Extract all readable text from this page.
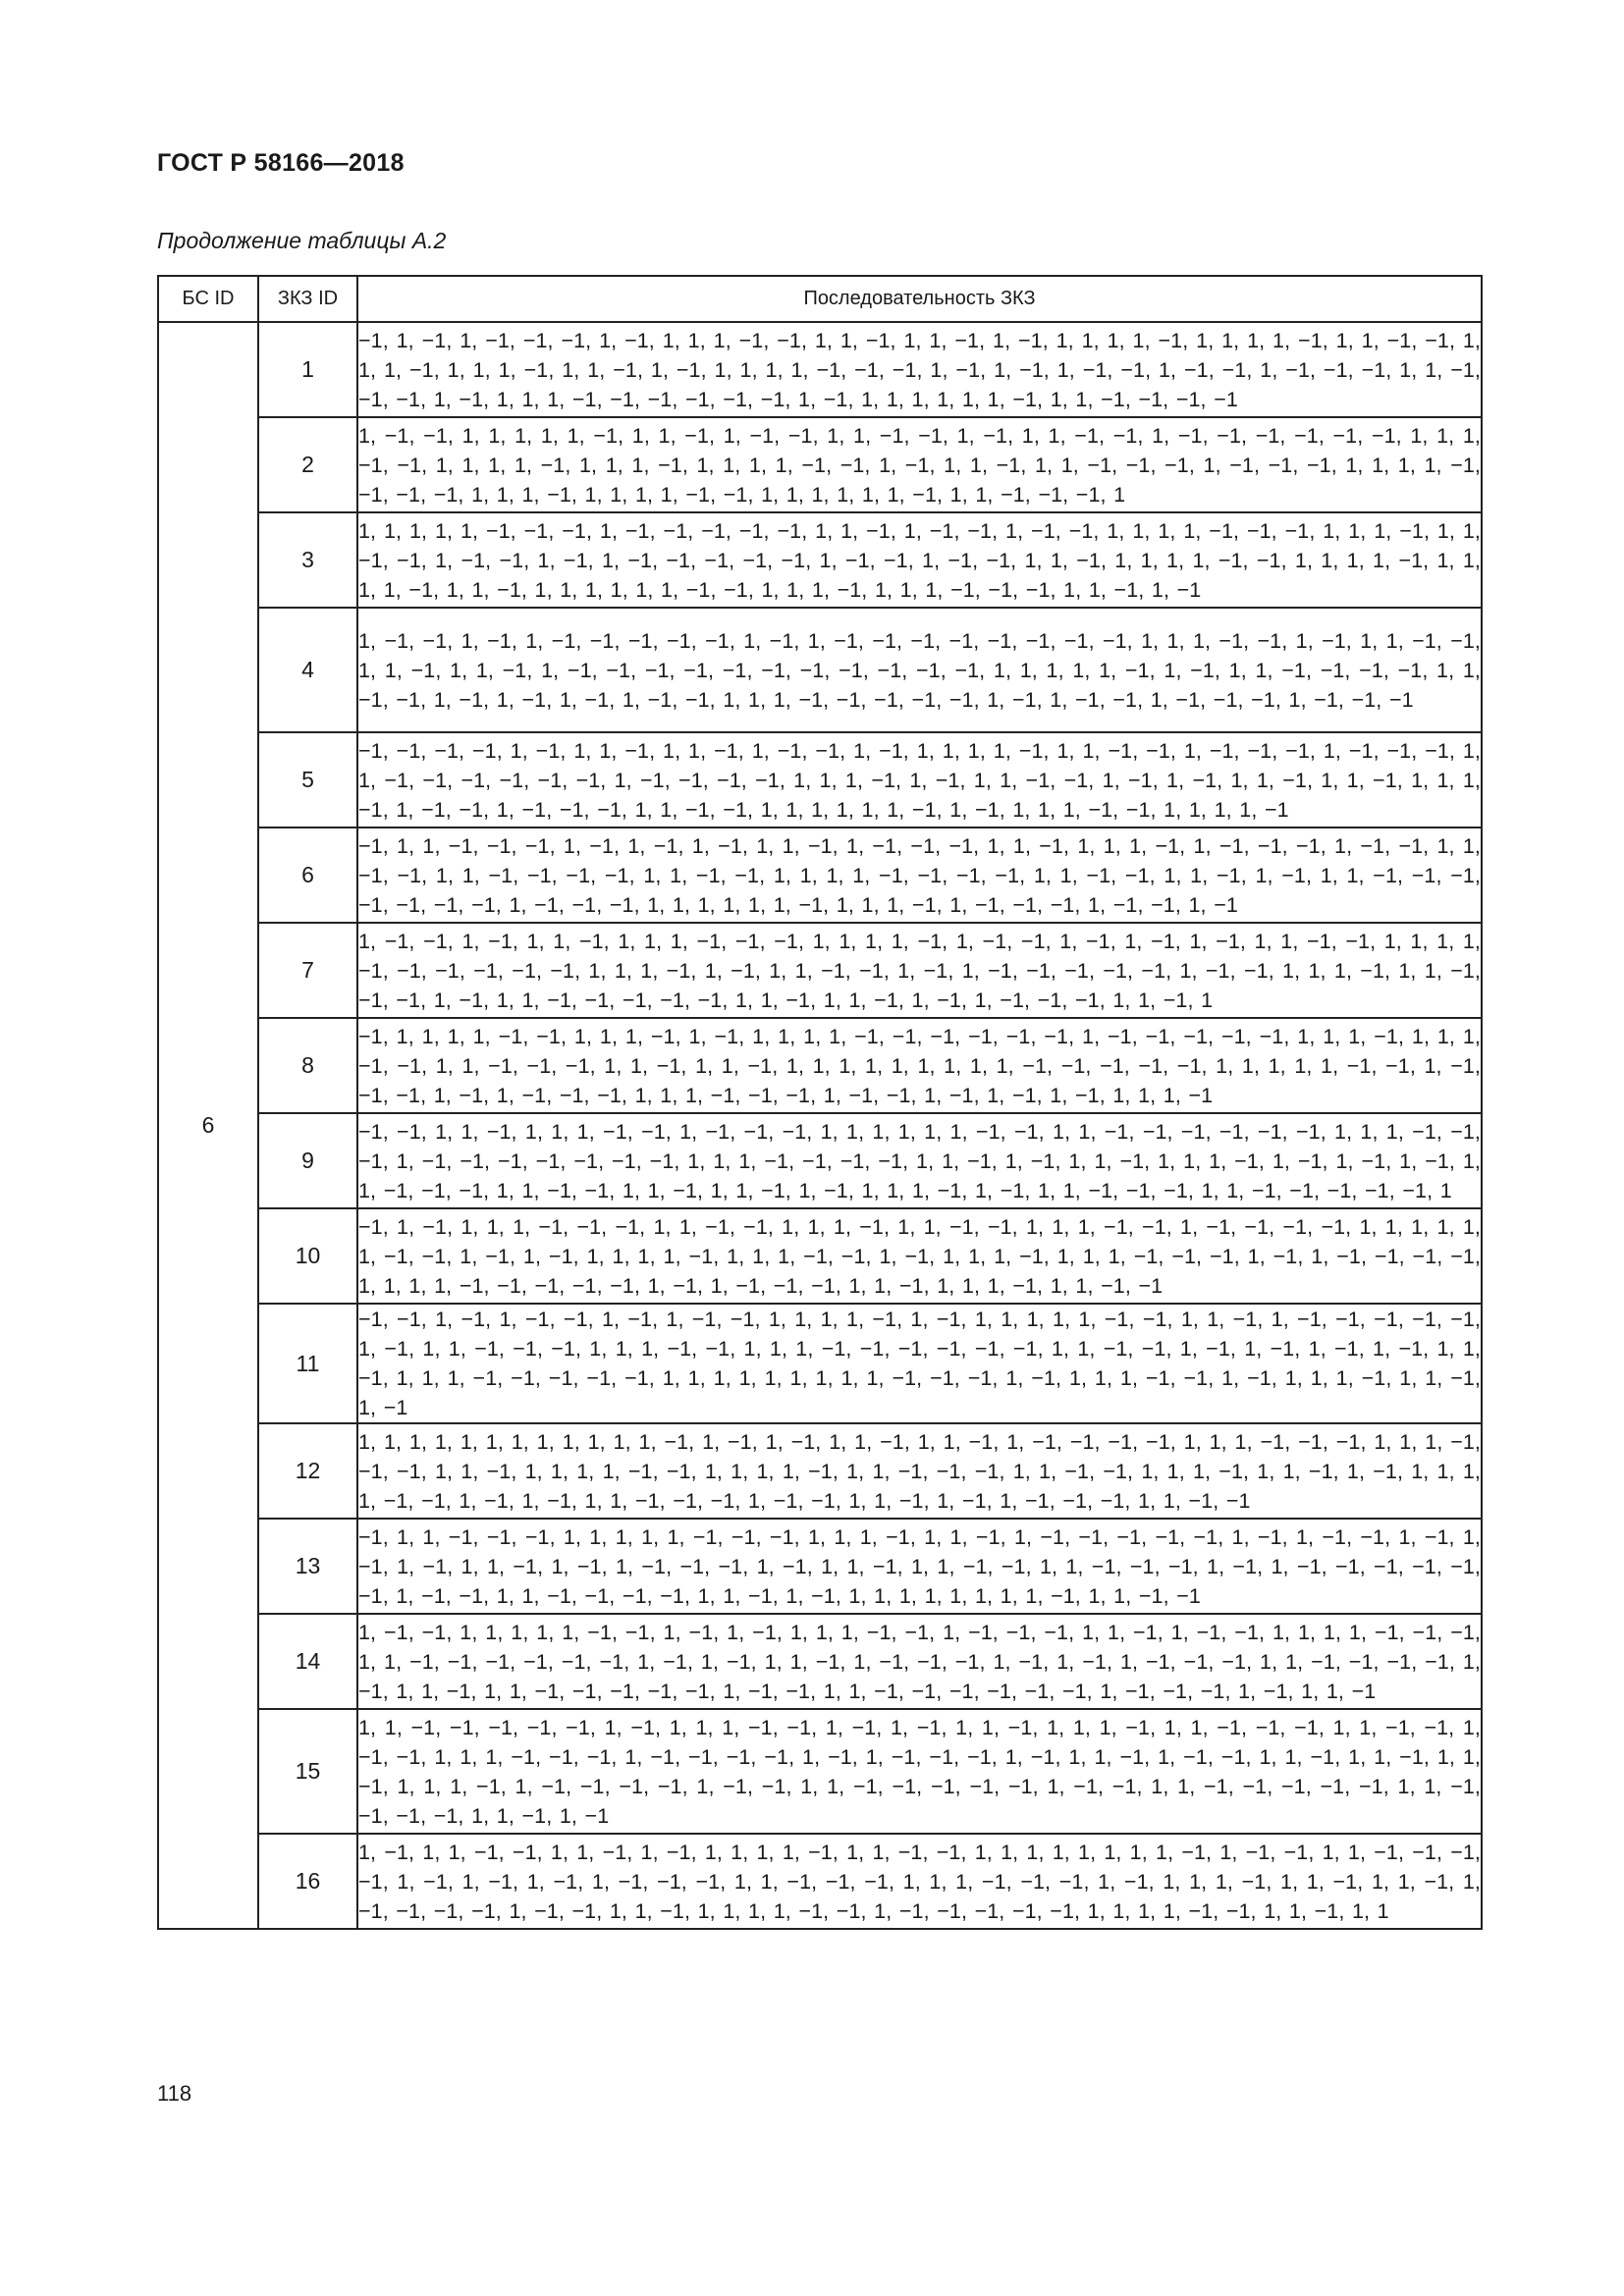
ГОСТ Р 58166—2018
Продолжение таблицы А.2
БС ID	ЗКЗ ID	Последовательность ЗКЗ
6	1	−1, 1, −1, 1, −1, −1, −1, 1, −1, 1, 1, 1, −1, −1, 1, 1, −1, 1, 1, −1, 1, −1, 1, 1, 1, 1, −1, 1, 1, 1, 1, −1, 1, 1, −1, −1, 1, 1, 1, −1, 1, 1, 1, −1, 1, 1, −1, 1, −1, 1, 1, 1, 1, −1, −1, −1, 1, −1, 1, −1, 1, −1, −1, 1, −1, −1, 1, −1, −1, −1, 1, 1, −1, −1, −1, 1, −1, 1, 1, 1, −1, −1, −1, −1, −1, −1, 1, −1, 1, 1, 1, 1, 1, 1, −1, 1, 1, −1, −1, −1, −1
	2	1, −1, −1, 1, 1, 1, 1, 1, −1, 1, 1, −1, 1, −1, −1, 1, 1, −1, −1, 1, −1, 1, 1, −1, −1, 1, −1, −1, −1, −1, −1, −1, 1, 1, 1, −1, −1, 1, 1, 1, 1, −1, 1, 1, 1, −1, 1, 1, 1, 1, −1, −1, 1, −1, 1, 1, −1, 1, 1, −1, −1, −1, 1, −1, −1, −1, 1, 1, 1, 1, −1, −1, −1, −1, 1, 1, 1, −1, 1, 1, 1, 1, −1, −1, 1, 1, 1, 1, 1, 1, −1, 1, 1, −1, −1, −1, 1
	3	1, 1, 1, 1, 1, −1, −1, −1, 1, −1, −1, −1, −1, −1, 1, 1, −1, 1, −1, −1, 1, −1, −1, 1, 1, 1, 1, −1, −1, −1, 1, 1, 1, −1, 1, 1, −1, −1, 1, −1, −1, 1, −1, 1, −1, −1, −1, −1, −1, 1, −1, −1, 1, −1, −1, 1, 1, −1, 1, 1, 1, 1, −1, −1, 1, 1, 1, 1, −1, 1, 1, 1, 1, −1, 1, 1, −1, 1, 1, 1, 1, 1, 1, −1, −1, 1, 1, 1, −1, 1, 1, 1, −1, −1, −1, 1, 1, −1, 1, −1
	4	1, −1, −1, 1, −1, 1, −1, −1, −1, −1, −1, 1, −1, 1, −1, −1, −1, −1, −1, −1, −1, −1, 1, 1, 1, −1, −1, 1, −1, 1, 1, −1, −1, 1, 1, −1, 1, 1, −1, 1, −1, −1, −1, −1, −1, −1, −1, −1, −1, −1, −1, 1, 1, 1, 1, 1, −1, 1, −1, 1, 1, −1, −1, −1, −1, 1, 1, −1, −1, 1, −1, 1, −1, 1, −1, 1, −1, −1, 1, 1, 1, −1, −1, −1, −1, −1, 1, −1, 1, −1, −1, 1, −1, −1, −1, 1, −1, −1, −1
	5	−1, −1, −1, −1, 1, −1, 1, 1, −1, 1, 1, −1, 1, −1, −1, 1, −1, 1, 1, 1, 1, −1, 1, 1, −1, −1, 1, −1, −1, −1, 1, −1, −1, −1, 1, 1, −1, −1, −1, −1, −1, −1, 1, −1, −1, −1, −1, 1, 1, 1, −1, 1, −1, 1, 1, −1, −1, 1, −1, 1, −1, 1, 1, −1, 1, 1, −1, 1, 1, 1, −1, 1, −1, −1, 1, −1, −1, −1, 1, 1, −1, −1, 1, 1, 1, 1, 1, 1, −1, 1, −1, 1, 1, 1, −1, −1, 1, 1, 1, 1, −1
	6	−1, 1, 1, −1, −1, −1, 1, −1, 1, −1, 1, −1, 1, 1, −1, 1, −1, −1, −1, 1, 1, −1, 1, 1, 1, −1, 1, −1, −1, −1, 1, −1, −1, 1, 1, −1, −1, 1, 1, −1, −1, −1, −1, 1, 1, −1, −1, 1, 1, 1, 1, −1, −1, −1, −1, 1, 1, −1, −1, 1, 1, −1, 1, −1, 1, 1, −1, −1, −1, −1, −1, −1, −1, 1, −1, −1, −1, 1, 1, 1, 1, 1, 1, −1, 1, 1, 1, −1, 1, −1, −1, −1, 1, −1, −1, 1, −1
	7	1, −1, −1, 1, −1, 1, 1, −1, 1, 1, 1, −1, −1, −1, 1, 1, 1, 1, −1, 1, −1, −1, 1, −1, 1, −1, 1, −1, 1, 1, −1, −1, 1, 1, 1, 1, −1, −1, −1, −1, −1, −1, 1, 1, 1, −1, 1, −1, 1, 1, −1, −1, 1, −1, 1, −1, −1, −1, −1, −1, 1, −1, −1, 1, 1, 1, −1, 1, 1, −1, −1, −1, 1, −1, 1, 1, −1, −1, −1, −1, −1, 1, 1, −1, 1, 1, −1, 1, −1, 1, −1, −1, −1, 1, 1, −1, 1
	8	−1, 1, 1, 1, 1, −1, −1, 1, 1, 1, −1, 1, −1, 1, 1, 1, 1, −1, −1, −1, −1, −1, −1, 1, −1, −1, −1, −1, −1, 1, 1, 1, −1, 1, 1, 1, −1, −1, 1, 1, −1, −1, −1, 1, 1, −1, 1, 1, −1, 1, 1, 1, 1, 1, 1, 1, 1, 1, −1, −1, −1, −1, −1, 1, 1, 1, 1, 1, −1, −1, 1, −1, −1, −1, 1, −1, 1, −1, −1, −1, 1, 1, 1, −1, −1, −1, 1, −1, −1, 1, −1, 1, −1, 1, −1, 1, 1, 1, −1
	9	−1, −1, 1, 1, −1, 1, 1, 1, −1, −1, 1, −1, −1, −1, 1, 1, 1, 1, 1, 1, −1, −1, 1, 1, −1, −1, −1, −1, −1, −1, 1, 1, 1, −1, −1, −1, 1, −1, −1, −1, −1, −1, −1, −1, 1, 1, 1, −1, −1, −1, −1, 1, 1, −1, 1, −1, 1, 1, −1, 1, 1, 1, −1, 1, −1, 1, −1, 1, −1, 1, 1, −1, −1, −1, 1, 1, −1, −1, 1, 1, −1, 1, 1, −1, 1, −1, 1, 1, 1, −1, 1, −1, 1, 1, −1, −1, −1, 1, 1, −1, −1, −1, −1, −1, 1
	10	−1, 1, −1, 1, 1, 1, −1, −1, −1, 1, 1, −1, −1, 1, 1, 1, −1, 1, 1, −1, −1, 1, 1, 1, −1, −1, 1, −1, −1, −1, −1, 1, 1, 1, 1, 1, 1, −1, −1, 1, −1, 1, −1, 1, 1, 1, 1, −1, 1, 1, 1, −1, −1, 1, −1, 1, 1, 1, −1, 1, 1, 1, −1, −1, −1, 1, −1, 1, −1, −1, −1, −1, 1, 1, 1, 1, −1, −1, −1, −1, −1, 1, −1, 1, −1, −1, −1, 1, 1, −1, 1, 1, 1, −1, 1, 1, −1, −1
	11	−1, −1, 1, −1, 1, −1, −1, 1, −1, 1, −1, −1, 1, 1, 1, 1, −1, 1, −1, 1, 1, 1, 1, 1, −1, −1, 1, 1, −1, 1, −1, −1, −1, −1, −1, 1, −1, 1, 1, −1, −1, −1, 1, 1, 1, −1, −1, 1, 1, 1, −1, −1, −1, −1, −1, −1, 1, 1, −1, −1, 1, −1, 1, −1, 1, −1, 1, −1, 1, 1, −1, 1, 1, 1, −1, −1, −1, −1, −1, 1, 1, 1, 1, 1, 1, 1, 1, 1, −1, −1, −1, 1, −1, 1, 1, 1, −1, −1, 1, −1, 1, 1, 1, −1, 1, 1, −1, 1, −1
	12	1, 1, 1, 1, 1, 1, 1, 1, 1, 1, 1, 1, −1, 1, −1, 1, −1, 1, 1, −1, 1, 1, −1, 1, −1, −1, −1, −1, 1, 1, 1, −1, −1, −1, 1, 1, 1, −1, −1, −1, 1, 1, −1, 1, 1, 1, 1, −1, −1, 1, 1, 1, 1, −1, 1, 1, −1, −1, −1, 1, 1, −1, −1, 1, 1, 1, −1, 1, 1, −1, 1, −1, 1, 1, 1, 1, −1, −1, 1, −1, 1, −1, 1, 1, −1, −1, −1, 1, −1, −1, 1, 1, −1, 1, −1, 1, −1, −1, −1, 1, 1, −1, −1
	13	−1, 1, 1, −1, −1, −1, 1, 1, 1, 1, 1, −1, −1, −1, 1, 1, 1, −1, 1, 1, −1, 1, −1, −1, −1, −1, −1, 1, −1, 1, −1, −1, 1, −1, 1, −1, 1, −1, 1, 1, −1, 1, −1, 1, −1, −1, −1, 1, −1, 1, 1, −1, 1, 1, −1, −1, 1, 1, −1, −1, −1, 1, −1, 1, −1, −1, −1, −1, −1, −1, 1, −1, −1, 1, 1, −1, −1, −1, −1, 1, 1, −1, 1, −1, 1, 1, 1, 1, 1, 1, 1, 1, −1, 1, 1, −1, −1
	14	1, −1, −1, 1, 1, 1, 1, 1, −1, −1, 1, −1, 1, −1, 1, 1, 1, −1, −1, 1, −1, −1, −1, 1, 1, −1, 1, −1, −1, 1, 1, 1, 1, −1, −1, −1, 1, 1, −1, −1, −1, −1, −1, −1, 1, −1, 1, −1, 1, 1, −1, 1, −1, −1, −1, 1, −1, 1, −1, 1, −1, −1, −1, 1, 1, −1, −1, −1, −1, 1, −1, 1, 1, −1, 1, 1, −1, −1, −1, −1, −1, 1, −1, −1, 1, 1, −1, −1, −1, −1, −1, −1, 1, −1, −1, −1, 1, −1, 1, 1, −1
	15	1, 1, −1, −1, −1, −1, −1, 1, −1, 1, 1, 1, −1, −1, 1, −1, 1, −1, 1, 1, −1, 1, 1, 1, −1, 1, 1, −1, −1, −1, 1, 1, −1, −1, 1, −1, −1, 1, 1, 1, −1, −1, −1, 1, −1, −1, −1, −1, 1, −1, 1, −1, −1, −1, 1, −1, 1, 1, −1, 1, −1, −1, 1, 1, −1, 1, 1, −1, 1, 1, −1, 1, 1, 1, −1, 1, −1, −1, −1, −1, 1, −1, −1, 1, 1, −1, −1, −1, −1, −1, 1, −1, −1, 1, 1, −1, −1, −1, −1, −1, 1, 1, −1, −1, −1, −1, 1, 1, −1, 1, −1
	16	1, −1, 1, 1, −1, −1, 1, 1, −1, 1, −1, 1, 1, 1, 1, −1, 1, 1, −1, −1, 1, 1, 1, 1, 1, 1, 1, 1, −1, 1, −1, −1, 1, 1, −1, −1, −1, −1, 1, −1, 1, −1, 1, −1, 1, −1, −1, −1, 1, 1, −1, −1, −1, 1, 1, 1, −1, −1, −1, 1, −1, 1, 1, 1, −1, 1, 1, −1, 1, 1, −1, 1, −1, −1, −1, −1, 1, −1, −1, 1, 1, −1, 1, 1, 1, 1, −1, −1, 1, −1, −1, −1, −1, −1, 1, 1, 1, 1, −1, −1, 1, 1, −1, 1, 1
118
